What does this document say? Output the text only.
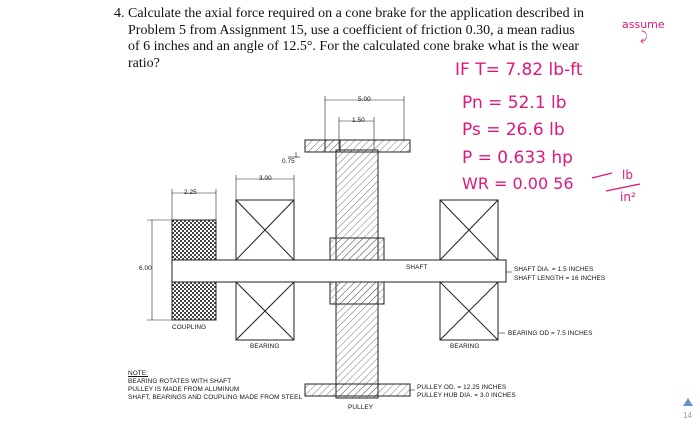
4. Calculate the axial force required on a cone brake for the application described in
Problem 5 from Assignment 15, use a coefficient of friction 0.30, a mean radius
of 6 inches and an angle of 12.5°. For the calculated cone brake what is the wear
ratio?
assume
⤸
IF T= 7.82 lb-ft
Pn = 52.1 lb
Ps = 26.6 lb
P = 0.633 hp
WR = 0.00 56	lb
in²
5.00
1.50
0.75
3.00
2.25
6.00	SHAFT	SHAFT DIA. = 1.5 INCHES
SHAFT LENGTH = 16 INCHES
COUPLING
BEARING	BEARING
BEARING OD = 7.5 INCHES
PULLEY
PULLEY OD. = 12.25 INCHES
PULLEY HUB DIA. = 3.0 INCHES
NOTE:
BEARING ROTATES WITH SHAFT
PULLEY IS MADE FROM ALUMINUM
SHAFT, BEARINGS AND COUPLING MADE FROM STEEL
14
